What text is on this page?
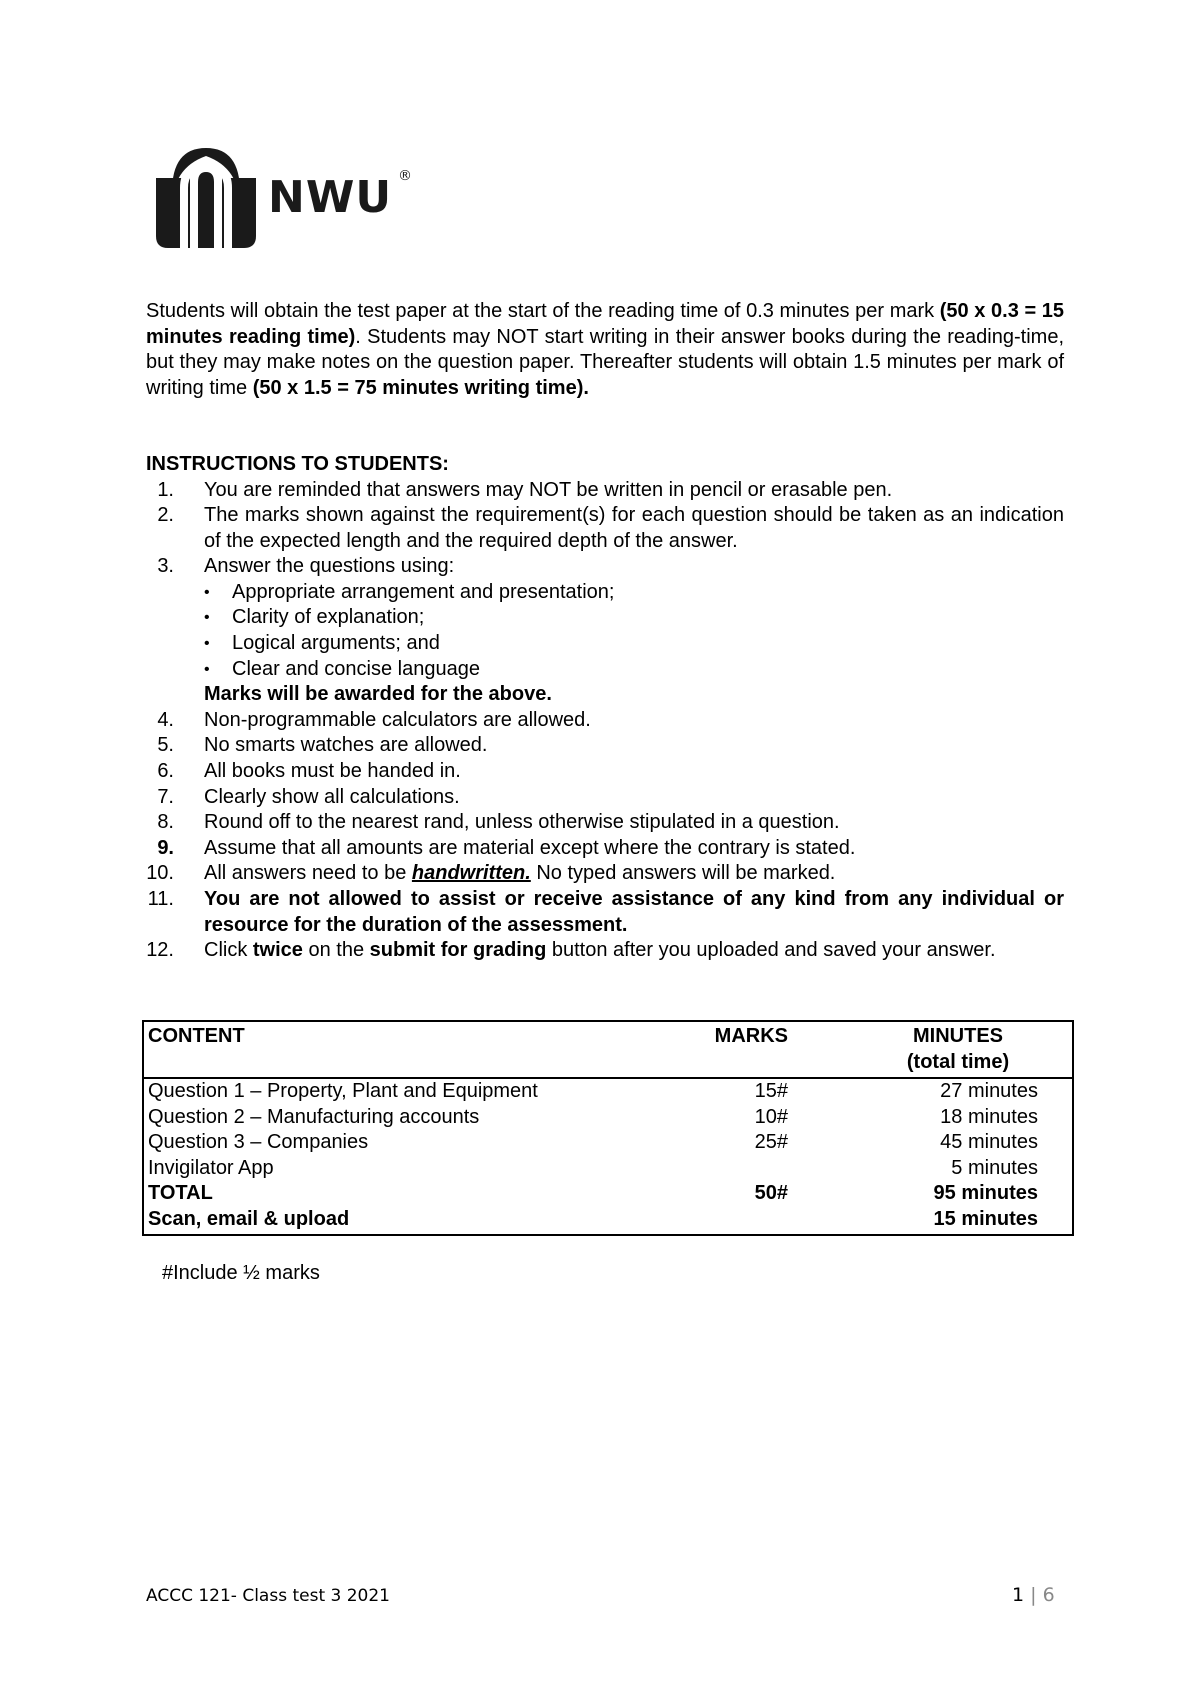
NWU ®
Students will obtain the test paper at the start of the reading time of 0.3 minutes per mark (50 x 0.3 = 15 minutes reading time). Students may NOT start writing in their answer books during the reading-time, but they may make notes on the question paper. Thereafter students will obtain 1.5 minutes per mark of writing time (50 x 1.5 = 75 minutes writing time).
INSTRUCTIONS TO STUDENTS:
1. You are reminded that answers may NOT be written in pencil or erasable pen.
2. The marks shown against the requirement(s) for each question should be taken as an indication of the expected length and the required depth of the answer.
3. Answer the questions using:
• Appropriate arrangement and presentation;
• Clarity of explanation;
• Logical arguments; and
• Clear and concise language
Marks will be awarded for the above.
4. Non-programmable calculators are allowed.
5. No smarts watches are allowed.
6. All books must be handed in.
7. Clearly show all calculations.
8. Round off to the nearest rand, unless otherwise stipulated in a question.
9. Assume that all amounts are material except where the contrary is stated.
10. All answers need to be handwritten. No typed answers will be marked.
11. You are not allowed to assist or receive assistance of any kind from any individual or resource for the duration of the assessment.
12. Click twice on the submit for grading button after you uploaded and saved your answer.
CONTENT	MARKS	MINUTES
(total time)
Question 1 – Property, Plant and Equipment	15#	27 minutes
Question 2 – Manufacturing accounts	10#	18 minutes
Question 3 – Companies	25#	45 minutes
Invigilator App		5 minutes
TOTAL	50#	95 minutes
Scan, email & upload		15 minutes
#Include ½ marks
ACCC 121- Class test 3 2021	1 | 6
